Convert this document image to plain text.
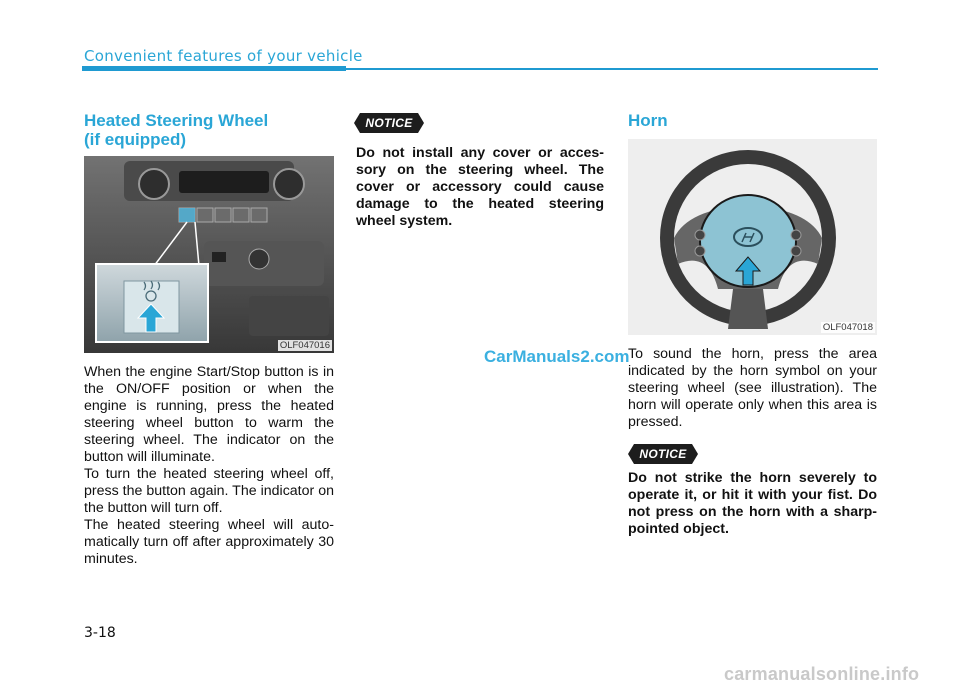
Convenient features of your vehicle
Heated Steering Wheel
(if equipped)
OLF047016

When the engine Start/Stop button is in the ON/OFF position or when the engine is running, press the heated steering wheel button to warm the steering wheel. The indicator on the button will illuminate.

To turn the heated steering wheel off, press the button again. The indicator on the button will turn off.

The heated steering wheel will auto-matically turn off after approximately 30 minutes.

NOTICE

Do not install any cover or acces-sory on the steering wheel. The cover or accessory could cause damage to the heated steering wheel system.

CarManuals2.com
Horn
OLF047018

To sound the horn, press the area indicated by the horn symbol on your steering wheel (see illustration). The horn will operate only when this area is pressed.

NOTICE

Do not strike the horn severely to operate it, or hit it with your fist. Do not press on the horn with a sharp-pointed object.

3-18
carmanualsonline.info
